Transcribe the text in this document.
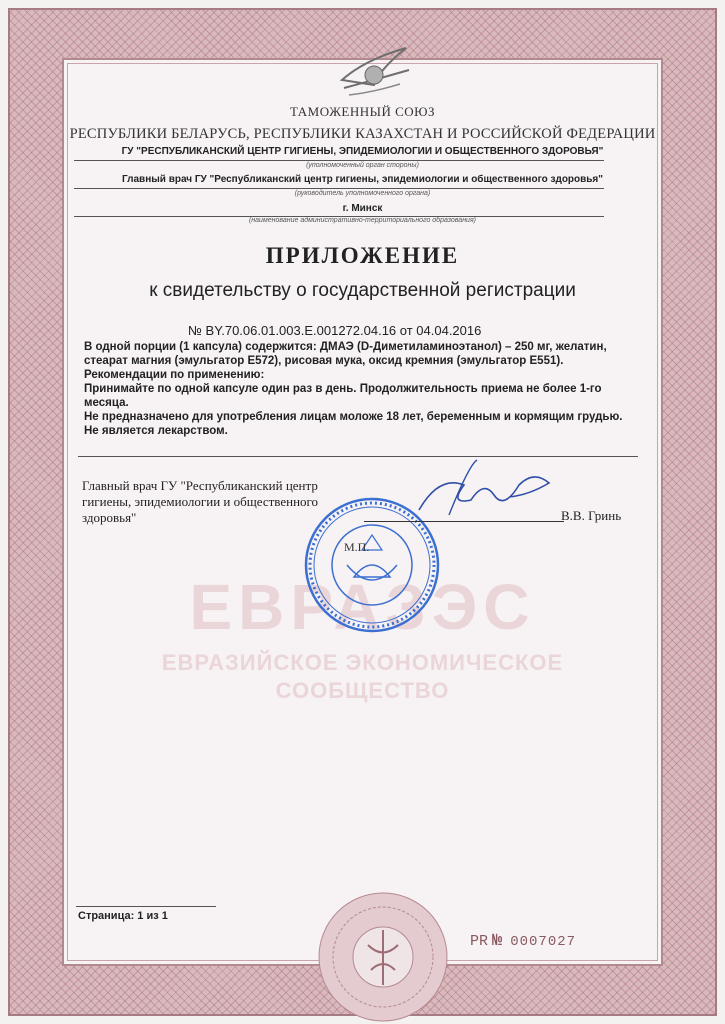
ТАМОЖЕННЫЙ СОЮЗ
РЕСПУБЛИКИ БЕЛАРУСЬ, РЕСПУБЛИКИ КАЗАХСТАН И РОССИЙСКОЙ ФЕДЕРАЦИИ
ГУ "РЕСПУБЛИКАНСКИЙ ЦЕНТР ГИГИЕНЫ, ЭПИДЕМИОЛОГИИ И ОБЩЕСТВЕННОГО ЗДОРОВЬЯ"
(уполномоченный орган стороны)
Главный врач ГУ "Республиканский центр гигиены, эпидемиологии и общественного здоровья"
(руководитель уполномоченного органа)
г. Минск
(наименование административно-территориального образования)
ПРИЛОЖЕНИЕ
к свидетельству о государственной регистрации
№ BY.70.06.01.003.E.001272.04.16 от 04.04.2016

В одной порции (1 капсула) содержится: ДМАЭ (D-Диметиламиноэтанол) – 250 мг, желатин, стеарат магния (эмульгатор Е572), рисовая мука, оксид кремния (эмульгатор Е551).

Рекомендации по применению:

Принимайте по одной капсуле один раз в день. Продолжительность приема не более 1-го месяца.

Не предназначено для употребления лицам моложе 18 лет, беременным и кормящим грудью. Не является лекарством.

ЕВРАЗЭС
ЕВРАЗИЙСКОЕ ЭКОНОМИЧЕСКОЕ
СООБЩЕСТВО
Главный врач ГУ "Республиканский центр гигиены, эпидемиологии и общественного здоровья"
М.П.
В.В. Гринь
Страница: 1 из 1
PR № 0007027
